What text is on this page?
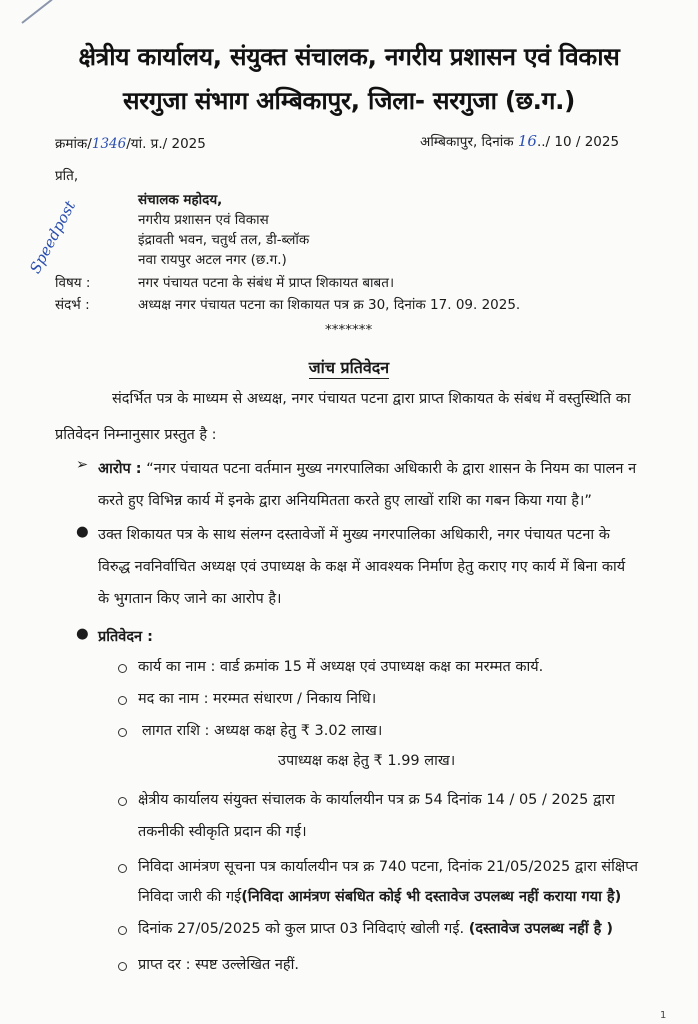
क्षेत्रीय कार्यालय, संयुक्त संचालक, नगरीय प्रशासन एवं विकास
सरगुजा संभाग अम्बिकापुर, जिला- सरगुजा (छ.ग.)
क्रमांक/1346/यां. प्र./ 2025	अम्बिकापुर, दिनांक 16../ 10 / 2025
प्रति,
Speedpost	संचालक महोदय,
नगरीय प्रशासन एवं विकास
इंद्रावती भवन, चतुर्थ तल, डी-ब्लॉक
नवा रायपुर अटल नगर (छ.ग.)
विषय :	नगर पंचायत पटना के संबंध में प्राप्त शिकायत बाबत।
संदर्भ :	अध्यक्ष नगर पंचायत पटना का शिकायत पत्र क्र 30, दिनांक 17. 09. 2025.
*******
जांच प्रतिवेदन
संदर्भित पत्र के माध्यम से अध्यक्ष, नगर पंचायत पटना द्वारा प्राप्त शिकायत के संबंध में वस्तुस्थिति का
प्रतिवेदन निम्नानुसार प्रस्तुत है :
➢ आरोप : “नगर पंचायत पटना वर्तमान मुख्य नगरपालिका अधिकारी के द्वारा शासन के नियम का पालन न
करते हुए विभिन्न कार्य में इनके द्वारा अनियमितता करते हुए लाखों राशि का गबन किया गया है।”
● उक्त शिकायत पत्र के साथ संलग्न दस्तावेजों में मुख्य नगरपालिका अधिकारी, नगर पंचायत पटना के
विरुद्ध नवनिर्वाचित अध्यक्ष एवं उपाध्यक्ष के कक्ष में आवश्यक निर्माण हेतु कराए गए कार्य में बिना कार्य
के भुगतान किए जाने का आरोप है।
● प्रतिवेदन :
कार्य का नाम : वार्ड क्रमांक 15 में अध्यक्ष एवं उपाध्यक्ष कक्ष का मरम्मत कार्य.
मद का नाम : मरम्मत संधारण / निकाय निधि।
लागत राशि : अध्यक्ष कक्ष हेतु ₹ 3.02 लाख।
उपाध्यक्ष कक्ष हेतु ₹ 1.99 लाख।
क्षेत्रीय कार्यालय संयुक्त संचालक के कार्यालयीन पत्र क्र 54 दिनांक 14 / 05 / 2025 द्वारा
तकनीकी स्वीकृति प्रदान की गई।
निविदा आमंत्रण सूचना पत्र कार्यालयीन पत्र क्र 740 पटना, दिनांक 21/05/2025 द्वारा संक्षिप्त
निविदा जारी की गई(निविदा आमंत्रण संबधित कोई भी दस्तावेज उपलब्ध नहीं कराया गया है)
दिनांक 27/05/2025 को कुल प्राप्त 03 निविदाएं खोली गई. (दस्तावेज उपलब्ध नहीं है )
प्राप्त दर : स्पष्ट उल्लेखित नहीं.
1
